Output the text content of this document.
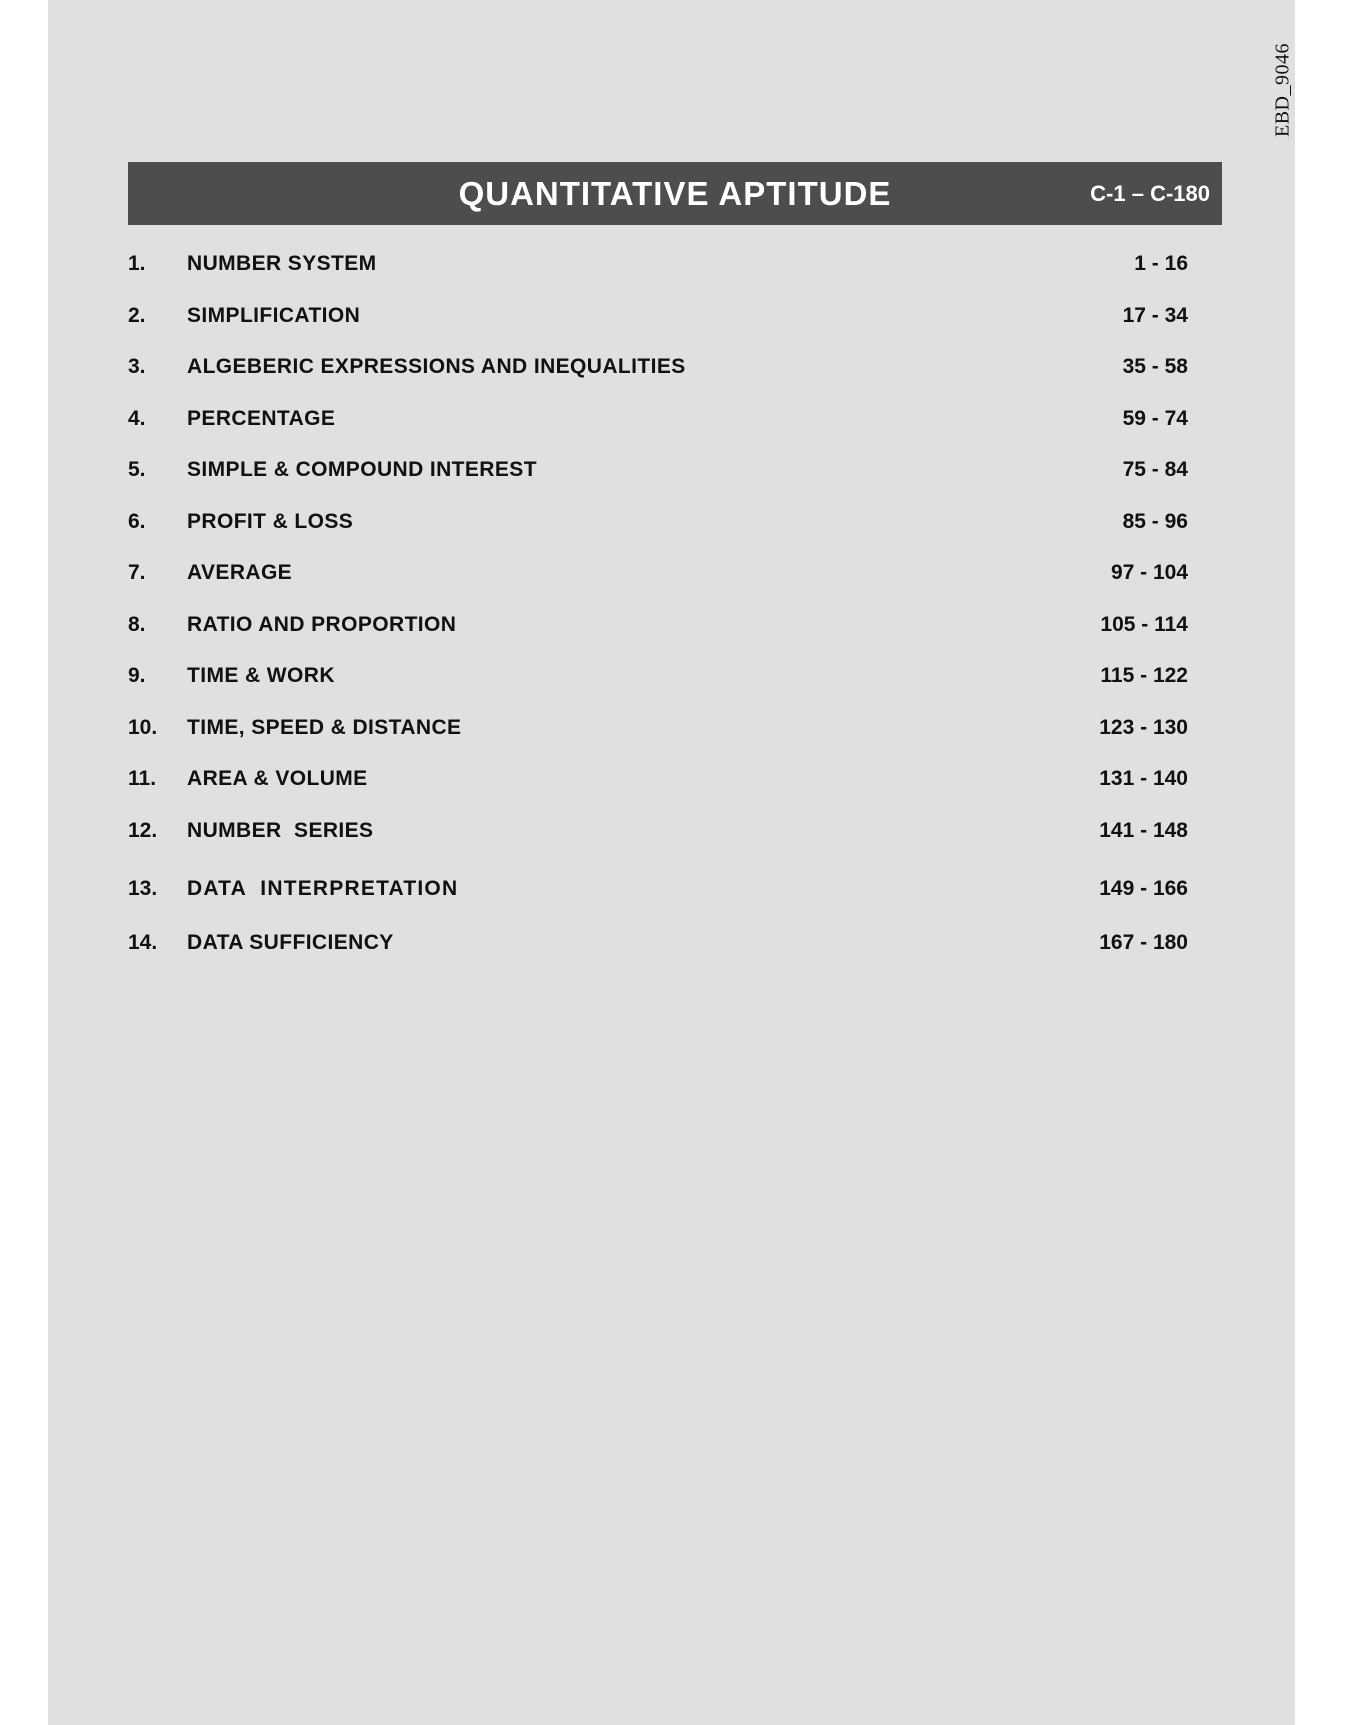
EBD_9046
QUANTITATIVE APTITUDE	C-1 – C-180
1. NUMBER SYSTEM	1 - 16
2. SIMPLIFICATION	17 - 34
3. ALGEBERIC EXPRESSIONS AND INEQUALITIES	35 - 58
4. PERCENTAGE	59 - 74
5. SIMPLE & COMPOUND INTEREST	75 - 84
6. PROFIT & LOSS	85 - 96
7. AVERAGE	97 - 104
8. RATIO AND PROPORTION	105 - 114
9. TIME & WORK	115 - 122
10. TIME, SPEED & DISTANCE	123 - 130
11. AREA & VOLUME	131 - 140
12. NUMBER  SERIES	141 - 148
13. DATA  INTERPRETATION	149 - 166
14. DATA SUFFICIENCY	167 - 180
